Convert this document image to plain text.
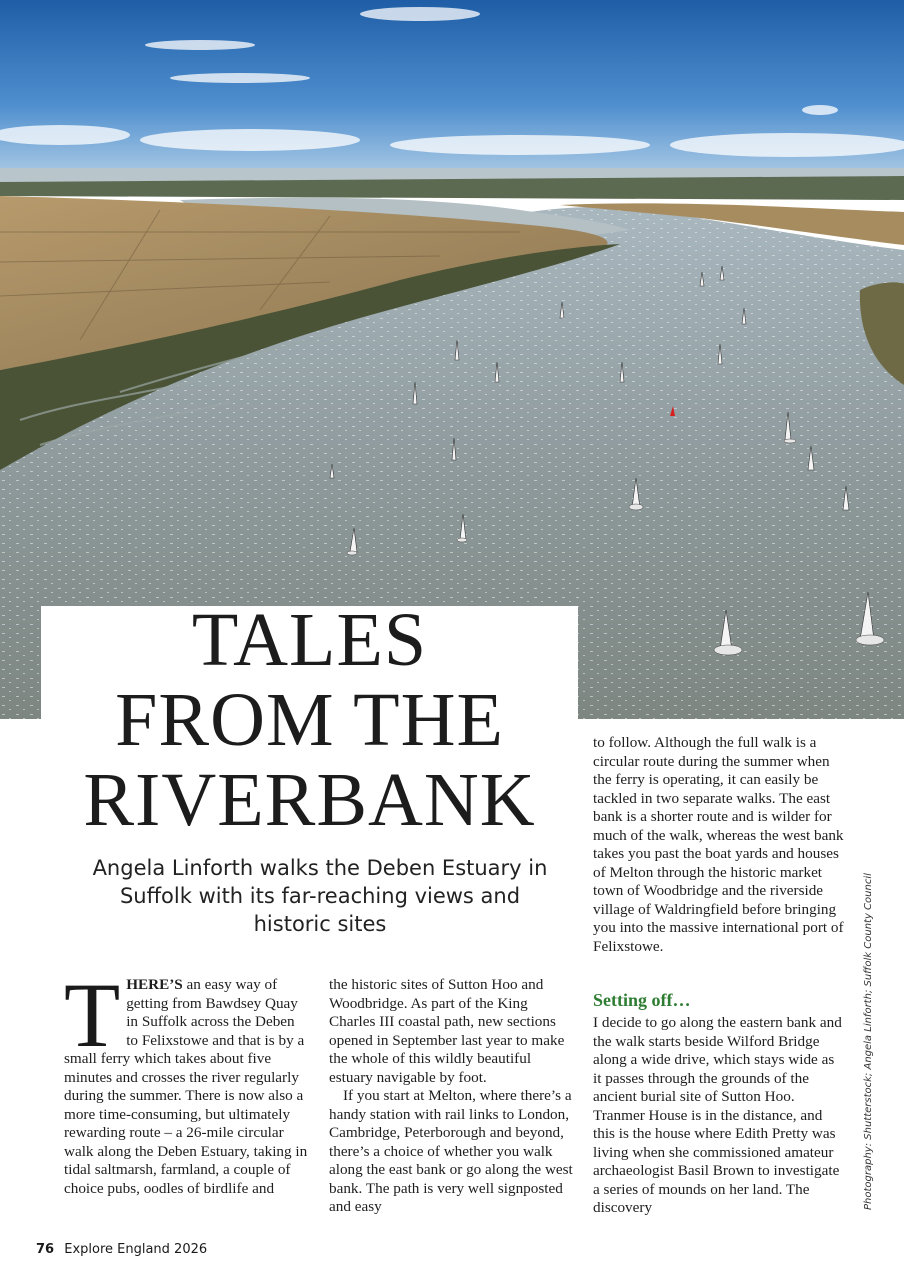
TALES
FROM THE
RIVERBANK

Angela Linforth walks the Deben Estuary in Suffolk with its far-reaching views and historic sites

THERE’S an easy way of getting from Bawdsey Quay in Suffolk across the Deben to Felixstowe and that is by a small ferry which takes about five minutes and crosses the river regularly during the summer. There is now also a more time-consuming, but ultimately rewarding route – a 26-mile circular walk along the Deben Estuary, taking in tidal saltmarsh, farmland, a couple of choice pubs, oodles of birdlife and

the historic sites of Sutton Hoo and Woodbridge. As part of the King Charles III coastal path, new sections opened in September last year to make the whole of this wildly beautiful estuary navigable by foot.

If you start at Melton, where there’s a handy station with rail links to London, Cambridge, Peterborough and beyond, there’s a choice of whether you walk along the east bank or go along the west bank. The path is very well signposted and easy

to follow. Although the full walk is a circular route during the summer when the ferry is operating, it can easily be tackled in two separate walks. The east bank is a shorter route and is wilder for much of the walk, whereas the west bank takes you past the boat yards and houses of Melton through the historic market town of Woodbridge and the riverside village of Waldringfield before bringing you into the massive international port of Felixstowe.

Setting off…

I decide to go along the eastern bank and the walk starts beside Wilford Bridge along a wide drive, which stays wide as it passes through the grounds of the ancient burial site of Sutton Hoo. Tranmer House is in the distance, and this is the house where Edith Pretty was living when she commissioned amateur archaeologist Basil Brown to investigate a series of mounds on her land. The discovery	Photography: Shutterstock; Angela Linforth; Suffolk County Council
76 Explore England 2026
